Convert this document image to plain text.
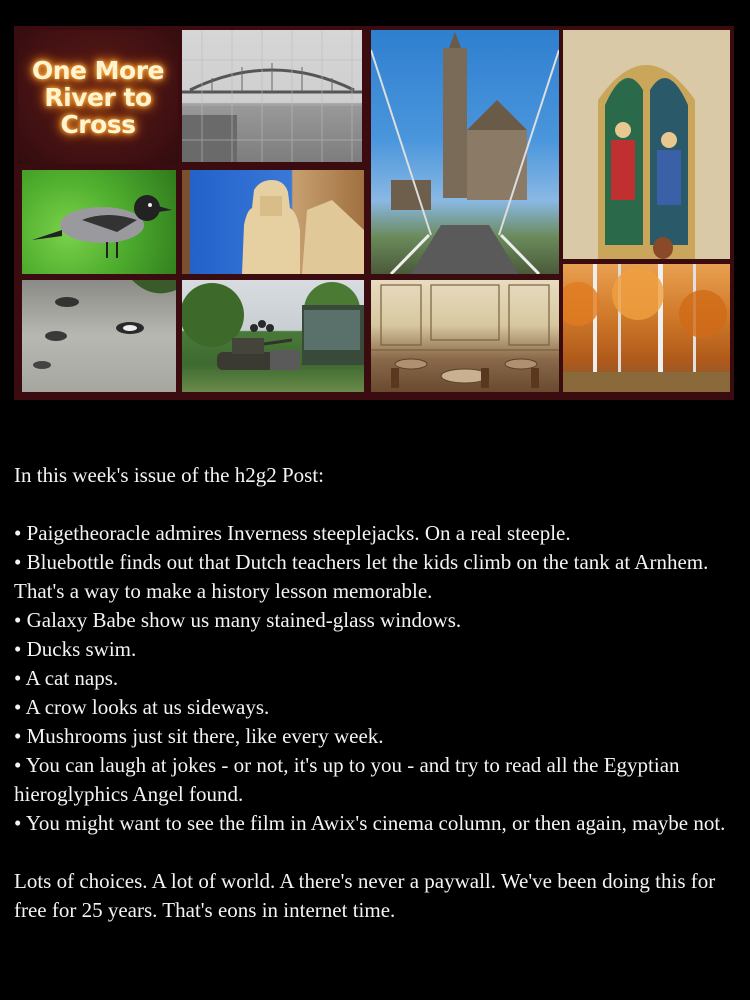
One More
River to
Cross

In this week's issue of the h2g2 Post:

• Paigetheoracle admires Inverness steeplejacks. On a real steeple.

• Bluebottle finds out that Dutch teachers let the kids climb on the tank at Arnhem. That's a way to make a history lesson memorable.

• Galaxy Babe show us many stained-glass windows.

• Ducks swim.

• A cat naps.

• A crow looks at us sideways.

• Mushrooms just sit there, like every week.

• You can laugh at jokes - or not, it's up to you - and try to read all the Egyptian hieroglyphics Angel found.

• You might want to see the film in Awix's cinema column, or then again, maybe not.

Lots of choices. A lot of world. A there's never a paywall. We've been doing this for free for 25 years. That's eons in internet time.
